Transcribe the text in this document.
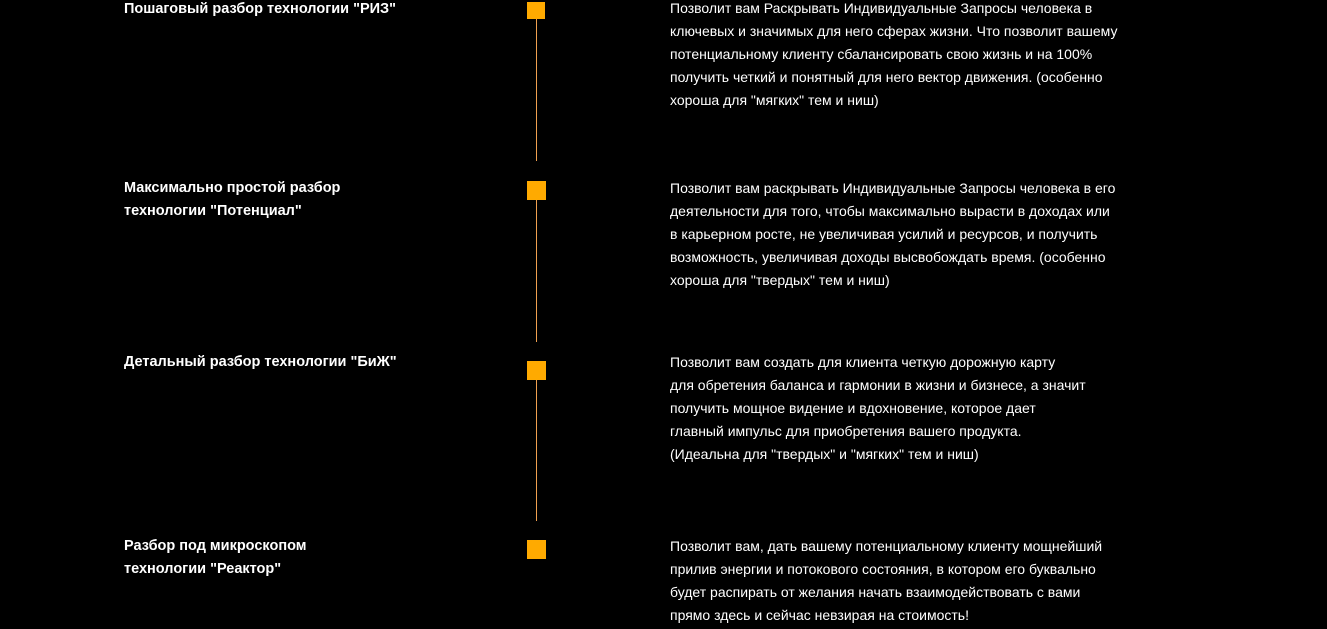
Пошаговый разбор технологии "РИЗ"	Позволит вам Раскрывать Индивидуальные Запросы человека в
ключевых и значимых для него сферах жизни. Что позволит вашему
потенциальному клиенту сбалансировать свою жизнь и на 100%
получить четкий и понятный для него вектор движения. (особенно
хороша для "мягких" тем и ниш)

Максимально простой разбор
технологии "Потенциал"

Позволит вам раскрывать Индивидуальные Запросы человека в его
деятельности для того, чтобы максимально вырасти в доходах или
в карьерном росте, не увеличивая усилий и ресурсов, и получить
возможность, увеличивая доходы высвобождать время. (особенно
хороша для "твердых" тем и ниш)

Детальный разбор технологии "БиЖ"	Позволит вам создать для клиента четкую дорожную карту
для обретения баланса и гармонии в жизни и бизнесе, а значит
получить мощное видение и вдохновение, которое дает
главный импульс для приобретения вашего продукта.
(Идеальна для "твердых" и "мягких" тем и ниш)

Разбор под микроскопом
технологии "Реактор"

Позволит вам, дать вашему потенциальному клиенту мощнейший
прилив энергии и потокового состояния, в котором его буквально
будет распирать от желания начать взаимодействовать с вами
прямо здесь и сейчас невзирая на стоимость!
